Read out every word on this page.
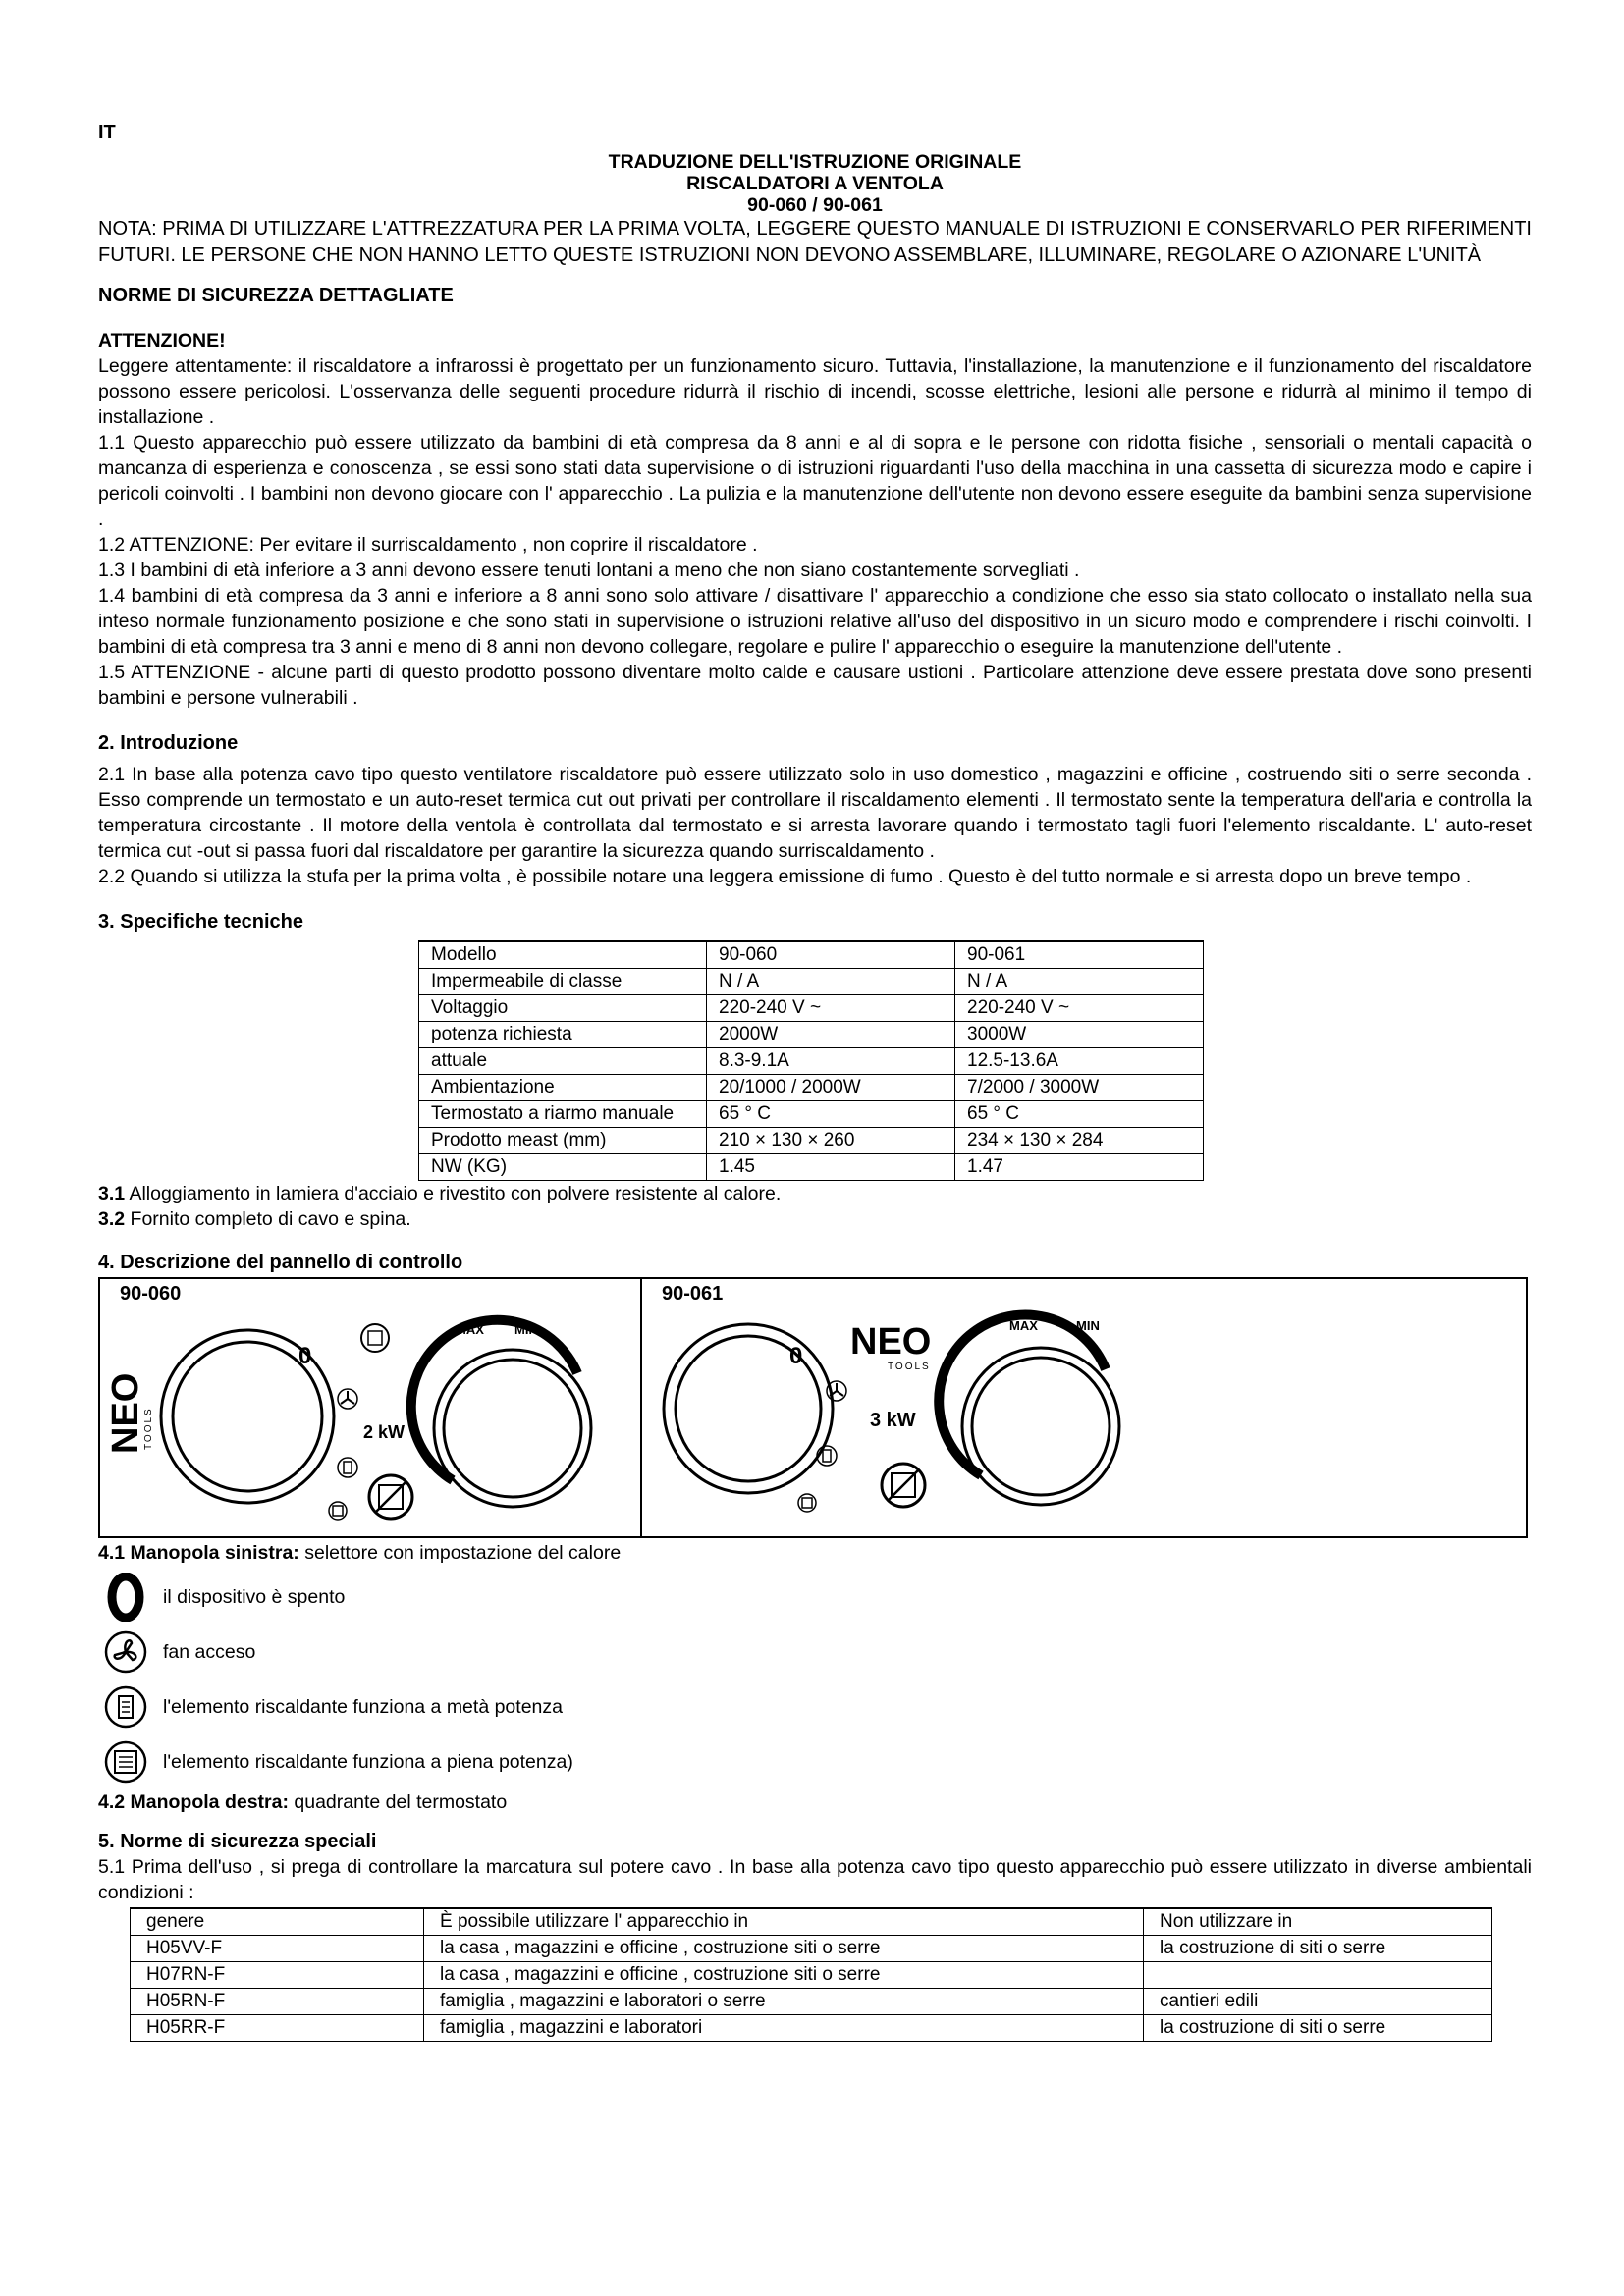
IT
TRADUZIONE DELL'ISTRUZIONE ORIGINALE
RISCALDATORI A VENTOLA
90-060 / 90-061

NOTA: PRIMA DI UTILIZZARE L'ATTREZZATURA PER LA PRIMA VOLTA, LEGGERE QUESTO MANUALE DI ISTRUZIONI E CONSERVARLO PER RIFERIMENTI FUTURI. LE PERSONE CHE NON HANNO LETTO QUESTE ISTRUZIONI NON DEVONO ASSEMBLARE, ILLUMINARE, REGOLARE O AZIONARE L'UNITÀ

NORME DI SICUREZZA DETTAGLIATE
ATTENZIONE!

Leggere attentamente: il riscaldatore a infrarossi è progettato per un funzionamento sicuro. Tuttavia, l'installazione, la manutenzione e il funzionamento del riscaldatore possono essere pericolosi. L'osservanza delle seguenti procedure ridurrà il rischio di incendi, scosse elettriche, lesioni alle persone e ridurrà al minimo il tempo di installazione .

1.1 Questo apparecchio può essere utilizzato da bambini di età compresa da 8 anni e al di sopra e le persone con ridotta fisiche , sensoriali o mentali capacità o mancanza di esperienza e conoscenza , se essi sono stati data supervisione o di istruzioni riguardanti l'uso della macchina in una cassetta di sicurezza modo e capire i pericoli coinvolti . I bambini non devono giocare con l' apparecchio . La pulizia e la manutenzione dell'utente non devono essere eseguite da bambini senza supervisione .

1.2 ATTENZIONE: Per evitare il surriscaldamento , non coprire il riscaldatore .

1.3 I bambini di età inferiore a 3 anni devono essere tenuti lontani a meno che non siano costantemente sorvegliati .

1.4 bambini di età compresa da 3 anni e inferiore a 8 anni sono solo attivare / disattivare l' apparecchio a condizione che esso sia stato collocato o installato nella sua inteso normale funzionamento posizione e che sono stati in supervisione o istruzioni relative all'uso del dispositivo in un sicuro modo e comprendere i rischi coinvolti. I bambini di età compresa tra 3 anni e meno di 8 anni non devono collegare, regolare e pulire l' apparecchio o eseguire la manutenzione dell'utente .

1.5 ATTENZIONE - alcune parti di questo prodotto possono diventare molto calde e causare ustioni . Particolare attenzione deve essere prestata dove sono presenti bambini e persone vulnerabili .

2. Introduzione

2.1 In base alla potenza cavo tipo questo ventilatore riscaldatore può essere utilizzato solo in uso domestico , magazzini e officine , costruendo siti o serre seconda . Esso comprende un termostato e un auto-reset termica cut out privati per controllare il riscaldamento elementi . Il termostato sente la temperatura dell'aria e controlla la temperatura circostante . Il motore della ventola è controllata dal termostato e si arresta lavorare quando i termostato tagli fuori l'elemento riscaldante. L' auto-reset termica cut -out si passa fuori dal riscaldatore per garantire la sicurezza quando surriscaldamento .

2.2 Quando si utilizza la stufa per la prima volta , è possibile notare una leggera emissione di fumo . Questo è del tutto normale e si arresta dopo un breve tempo .

3. Specifiche tecniche
Modello	90-060	90-061
Impermeabile di classe	N / A	N / A
Voltaggio	220-240 V ~	220-240 V ~
potenza richiesta	2000W	3000W
attuale	8.3-9.1A	12.5-13.6A
Ambientazione	20/1000 / 2000W	7/2000 / 3000W
Termostato a riarmo manuale	65 ° C	65 ° C
Prodotto meast (mm)	210 × 130 × 260	234 × 130 × 284
NW (KG)	1.45	1.47
3.1 Alloggiamento in lamiera d'acciaio e rivestito con polvere resistente al calore.
3.2 Fornito completo di cavo e spina.
4. Descrizione del pannello di controllo
90-060
NEO
TOOLS
0
2 kW
MAX MIN
90-061
0 NEO
TOOLS
3 kW
MAX	MIN
4.1 Manopola sinistra: selettore con impostazione del calore
il dispositivo è spento
fan acceso
l'elemento riscaldante funziona a metà potenza
l'elemento riscaldante funziona a piena potenza)
4.2 Manopola destra: quadrante del termostato
5. Norme di sicurezza speciali

5.1 Prima dell'uso , si prega di controllare la marcatura sul potere cavo . In base alla potenza cavo tipo questo apparecchio può essere utilizzato in diverse ambientali condizioni :

genere	È possibile utilizzare l' apparecchio in	Non utilizzare in
H05VV-F	la casa , magazzini e officine , costruzione siti o serre	la costruzione di siti o serre
H07RN-F	la casa , magazzini e officine , costruzione siti o serre	
H05RN-F	famiglia , magazzini e laboratori o serre	cantieri edili
H05RR-F	famiglia , magazzini e laboratori	la costruzione di siti o serre
